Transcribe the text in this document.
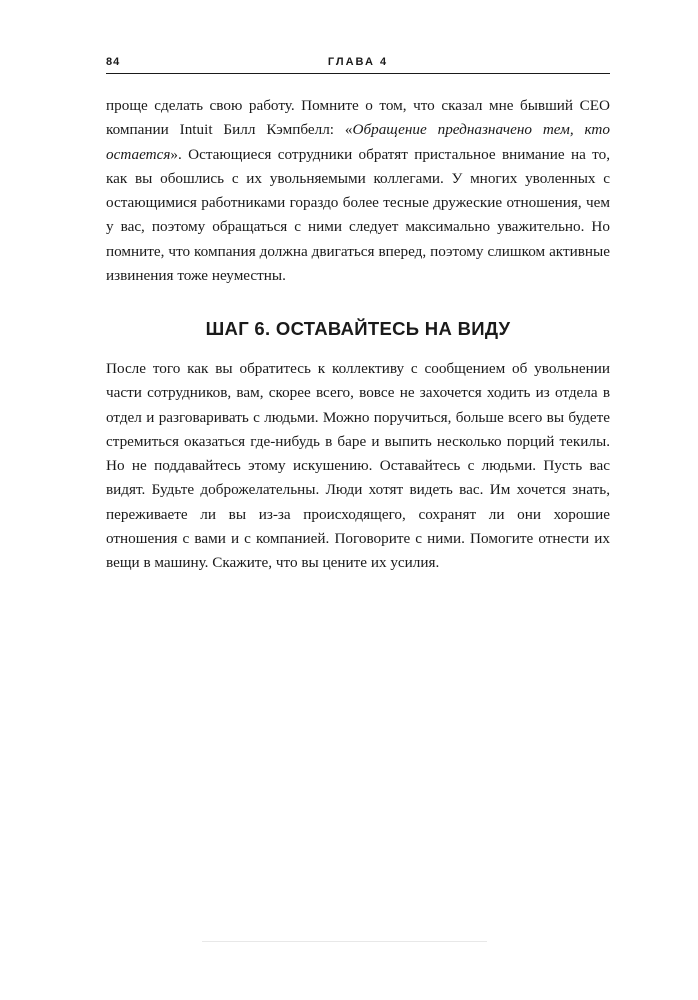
84	ГЛАВА 4

проще сделать свою работу. Помните о том, что сказал мне бывший CEO компании Intuit Билл Кэмпбелл: «Обращение предназначено тем, кто остается». Остающиеся сотрудники обратят пристальное внимание на то, как вы обошлись с их увольняемыми коллегами. У многих уволенных с остающимися работниками гораздо более тесные дружеские отношения, чем у вас, поэтому обращаться с ними следует максимально уважительно. Но помните, что компания должна двигаться вперед, поэтому слишком активные извинения тоже неуместны.

ШАГ 6. ОСТАВАЙТЕСЬ НА ВИДУ

После того как вы обратитесь к коллективу с сообщением об увольнении части сотрудников, вам, скорее всего, вовсе не захочется ходить из отдела в отдел и разговаривать с людьми. Можно поручиться, больше всего вы будете стремиться оказаться где-нибудь в баре и выпить несколько порций текилы. Но не поддавайтесь этому искушению. Оставайтесь с людьми. Пусть вас видят. Будьте доброжелательны. Люди хотят видеть вас. Им хочется знать, переживаете ли вы из-за происходящего, сохранят ли они хорошие отношения с вами и с компанией. Поговорите с ними. Помогите отнести их вещи в машину. Скажите, что вы цените их усилия.
